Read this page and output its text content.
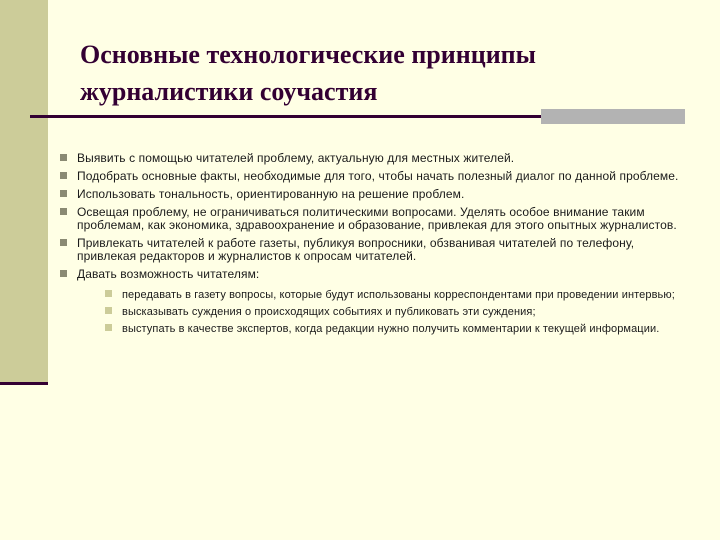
Основные технологические принципы журналистики соучастия
Выявить с помощью читателей проблему, актуальную для местных жителей.
Подобрать основные факты, необходимые для того, чтобы начать полезный диалог по данной проблеме.
Использовать тональность, ориентированную на решение проблем.
Освещая проблему, не ограничиваться политическими вопросами. Уделять особое внимание таким проблемам, как экономика, здравоохранение и образование, привлекая для этого опытных журналистов.
Привлекать читателей к работе газеты, публикуя вопросники, обзванивая читателей по телефону, привлекая редакторов и журналистов к опросам читателей.
Давать возможность читателям:
передавать в газету вопросы, которые будут использованы корреспондентами при проведении интервью;
высказывать суждения о происходящих событиях и публиковать эти суждения;
выступать в качестве экспертов, когда редакции нужно получить комментарии к текущей информации.
